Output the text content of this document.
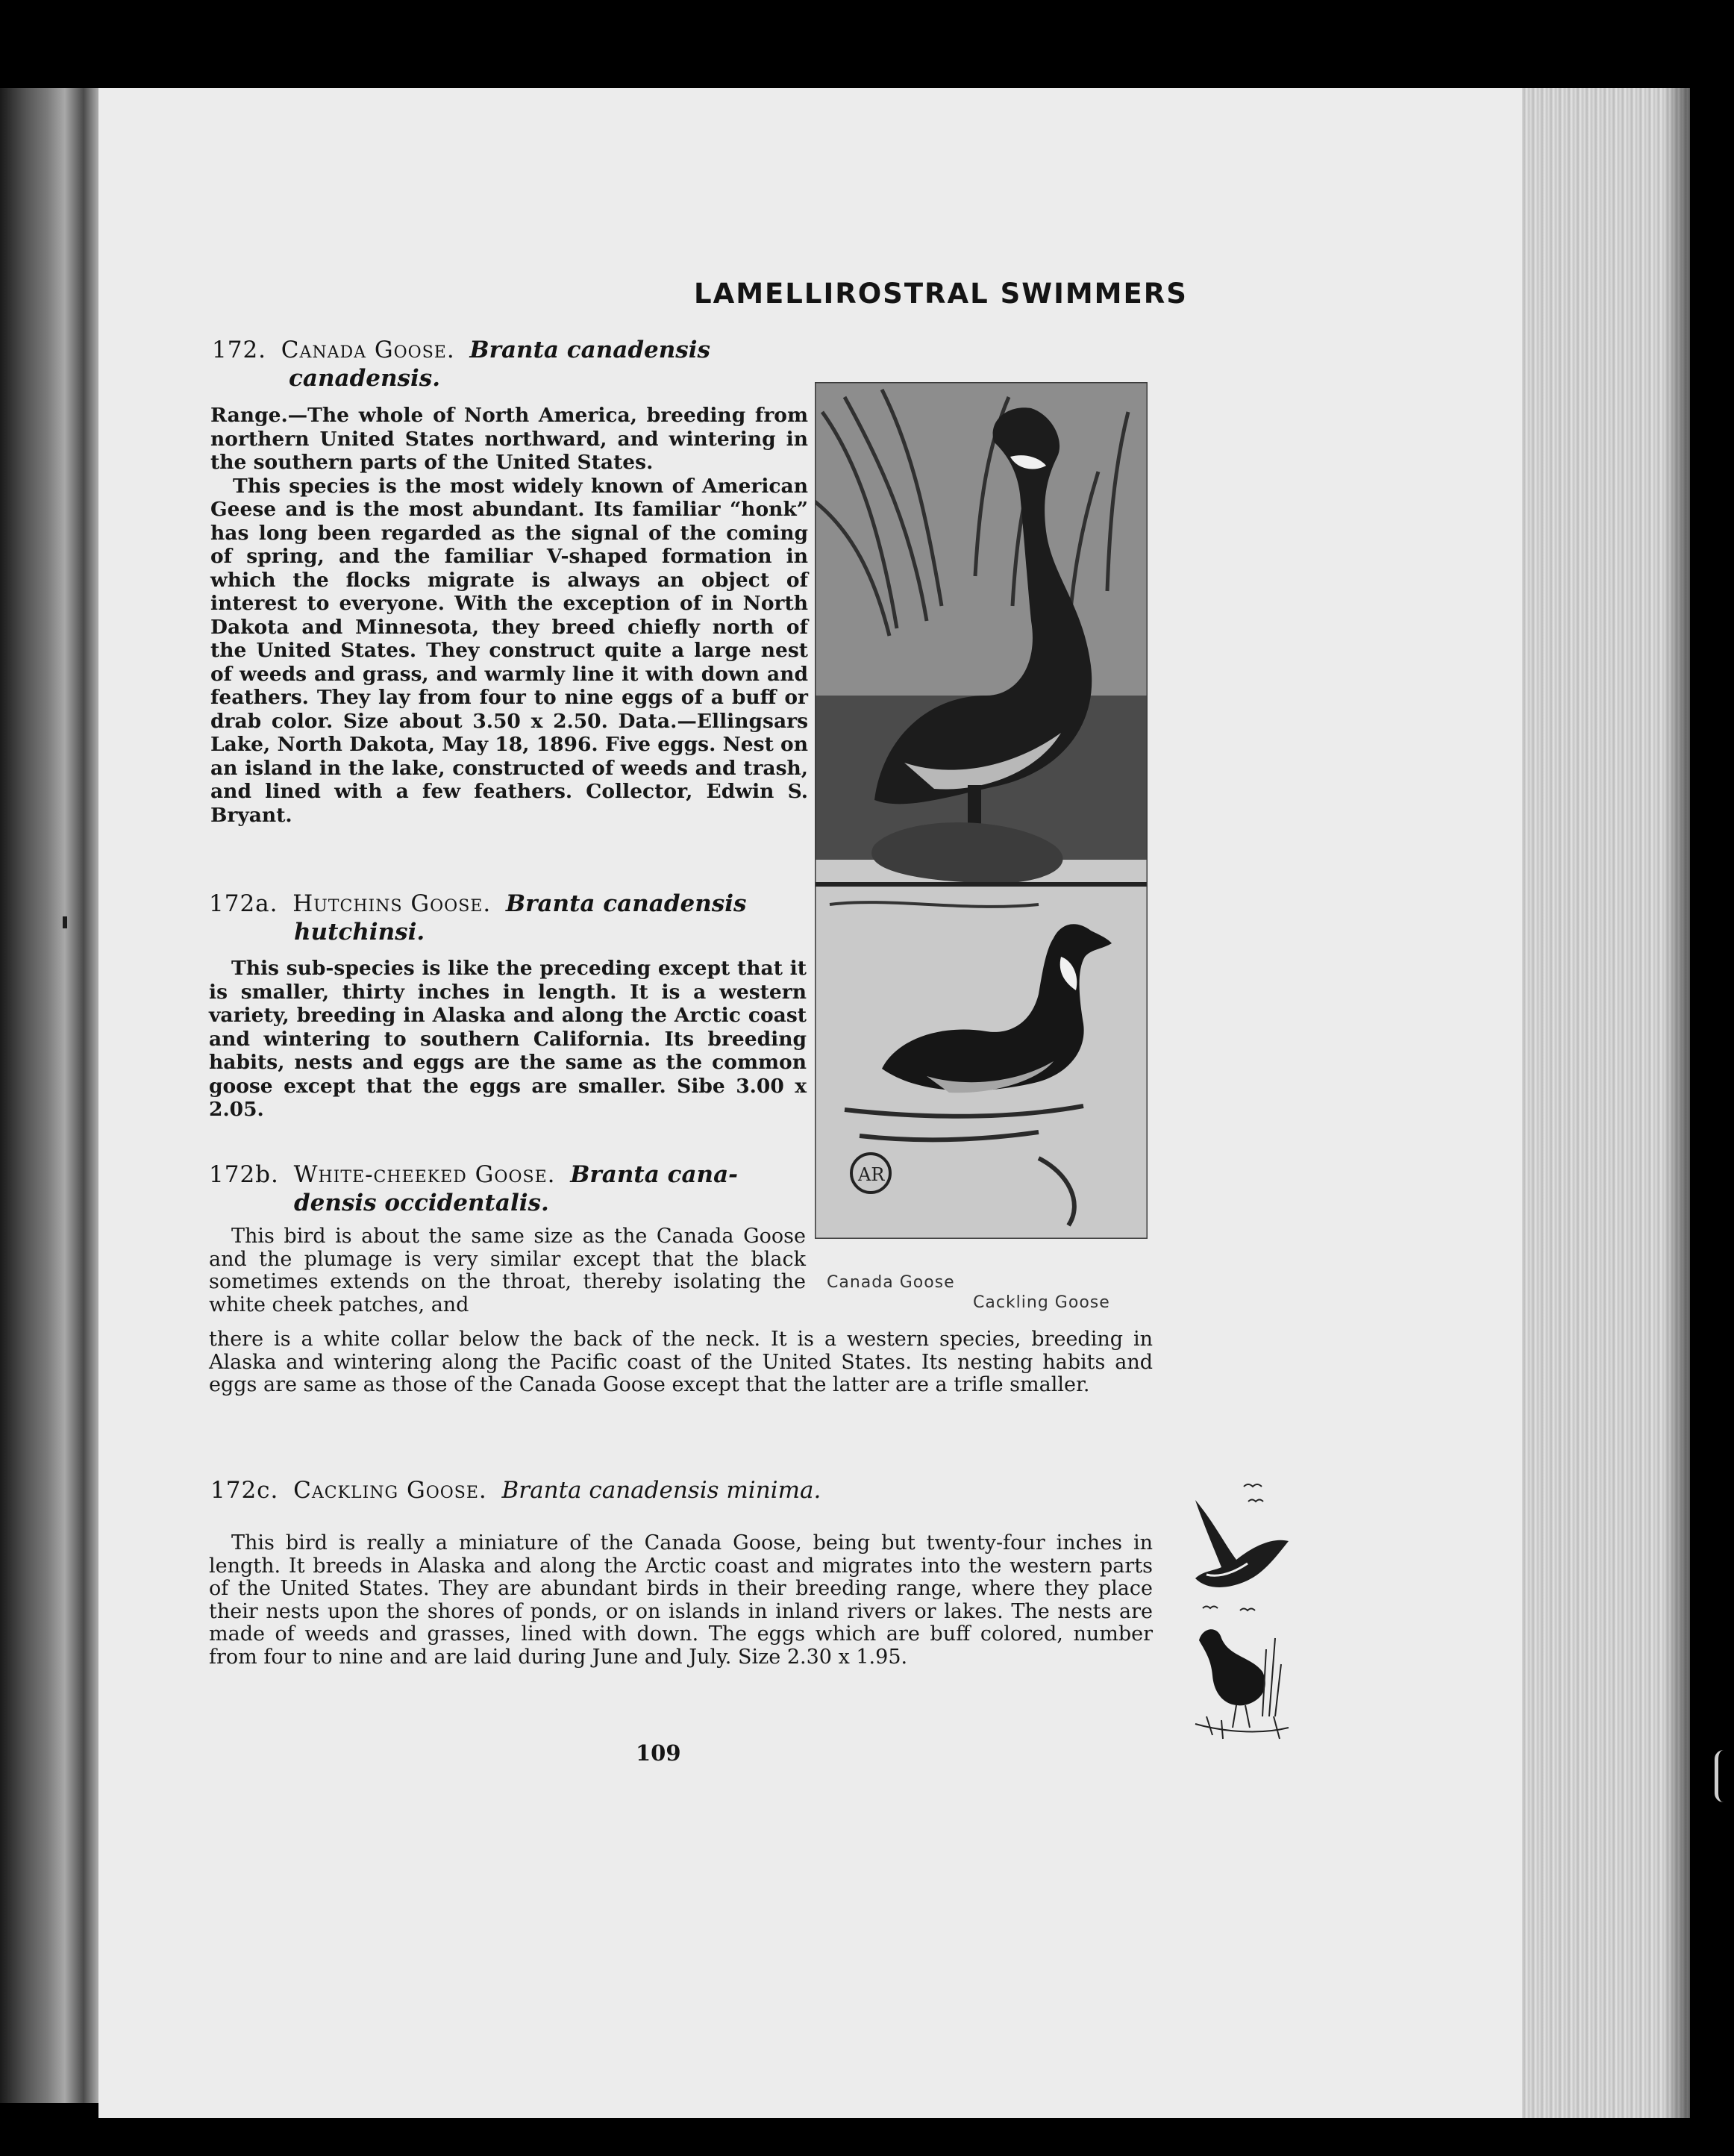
LAMELLIROSTRAL SWIMMERS
172. Canada Goose. Branta canadensis
canadensis.

Range.—The whole of North America, breeding from northern United States northward, and wintering in the southern parts of the United States.

This species is the most widely known of American Geese and is the most abundant. Its familiar “honk” has long been regarded as the signal of the coming of spring, and the familiar V-shaped formation in which the flocks migrate is always an object of interest to everyone. With the exception of in North Dakota and Minnesota, they breed chiefly north of the United States. They construct quite a large nest of weeds and grass, and warmly line it with down and feathers. They lay from four to nine eggs of a buff or drab color. Size about 3.50 x 2.50. Data.—Ellingsars Lake, North Dakota, May 18, 1896. Five eggs. Nest on an island in the lake, constructed of weeds and trash, and lined with a few feathers. Collector, Edwin S. Bryant.

172a. Hutchins Goose. Branta canadensis
hutchinsi.

This sub-species is like the preceding except that it is smaller, thirty inches in length. It is a western variety, breeding in Alaska and along the Arctic coast and wintering to southern California. Its breeding habits, nests and eggs are the same as the common goose except that the eggs are smaller. Sibe 3.00 x 2.05.

172b. White-cheeked Goose. Branta cana-
densis occidentalis.

This bird is about the same size as the Canada Goose and the plumage is very similar except that the black sometimes extends on the throat, thereby isolating the white cheek patches, and

there is a white collar below the back of the neck. It is a western species, breeding in Alaska and wintering along the Pacific coast of the United States. Its nesting habits and eggs are same as those of the Canada Goose except that the latter are a trifle smaller.

172c. Cackling Goose. Branta canadensis minima.

This bird is really a miniature of the Canada Goose, being but twenty-four inches in length. It breeds in Alaska and along the Arctic coast and migrates into the western parts of the United States. They are abundant birds in their breeding range, where they place their nests upon the shores of ponds, or on islands in inland rivers or lakes. The nests are made of weeds and grasses, lined with down. The eggs which are buff colored, number from four to nine and are laid during June and July. Size 2.30 x 1.95.

AR
Canada Goose
Cackling Goose
109
